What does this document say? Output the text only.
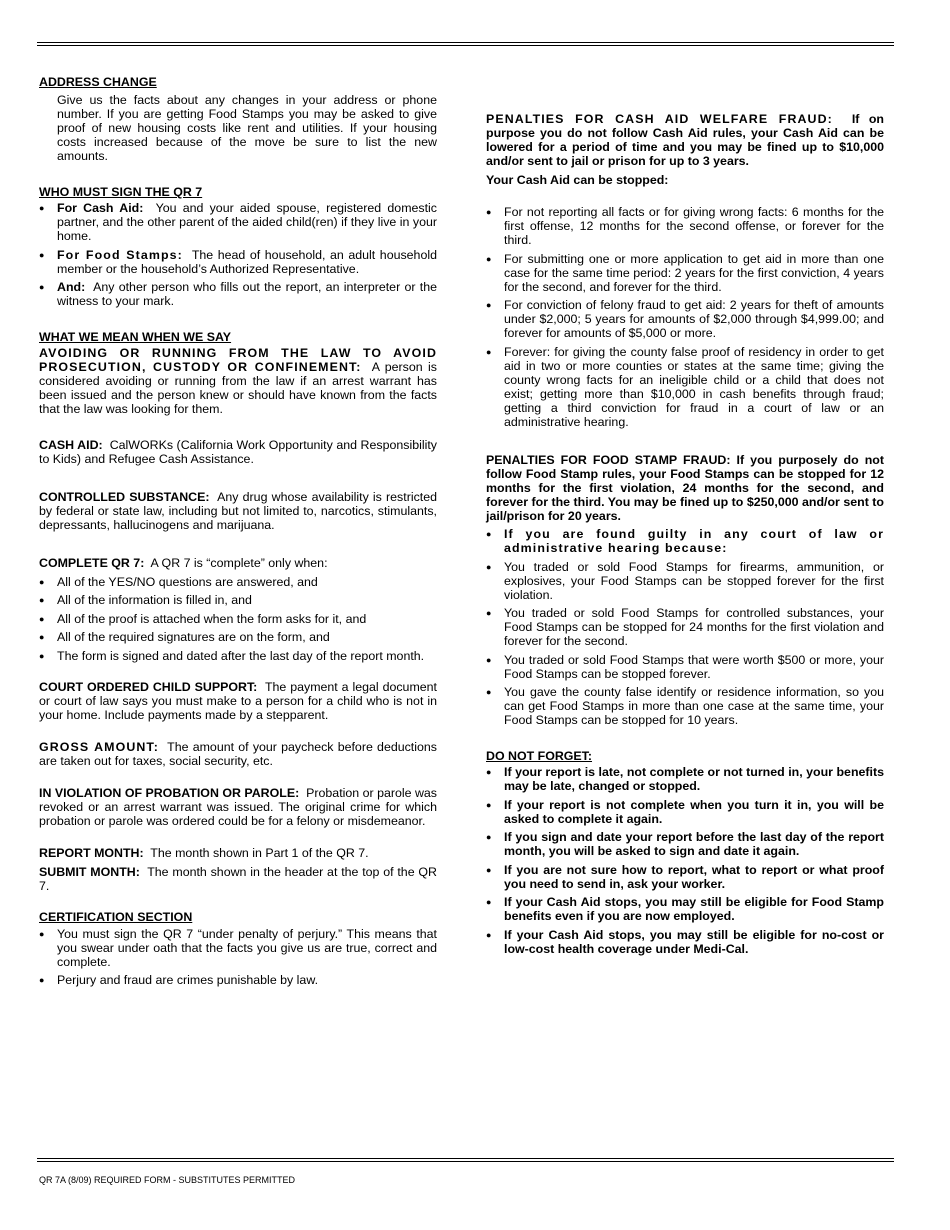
ADDRESS CHANGE

Give us the facts about any changes in your address or phone number. If you are getting Food Stamps you may be asked to give proof of new housing costs like rent and utilities. If your housing costs increased because of the move be sure to list the new amounts.

WHO MUST SIGN THE QR 7

● For Cash Aid: You and your aided spouse, registered domestic partner, and the other parent of the aided child(ren) if they live in your home.
● For Food Stamps: The head of household, an adult household member or the household’s Authorized Representative.
● And: Any other person who fills out the report, an interpreter or the witness to your mark.

WHAT WE MEAN WHEN WE SAY

AVOIDING OR RUNNING FROM THE LAW TO AVOID PROSECUTION, CUSTODY OR CONFINEMENT: A person is considered avoiding or running from the law if an arrest warrant has been issued and the person knew or should have known from the facts that the law was looking for them.

CASH AID: CalWORKs (California Work Opportunity and Responsibility to Kids) and Refugee Cash Assistance.

CONTROLLED SUBSTANCE: Any drug whose availability is restricted by federal or state law, including but not limited to, narcotics, stimulants, depressants, hallucinogens and marijuana.

COMPLETE QR 7: A QR 7 is “complete” only when:

● All of the YES/NO questions are answered, and
● All of the information is filled in, and
● All of the proof is attached when the form asks for it, and
● All of the required signatures are on the form, and
● The form is signed and dated after the last day of the report month.

COURT ORDERED CHILD SUPPORT: The payment a legal document or court of law says you must make to a person for a child who is not in your home. Include payments made by a stepparent.

GROSS AMOUNT: The amount of your paycheck before deductions are taken out for taxes, social security, etc.

IN VIOLATION OF PROBATION OR PAROLE: Probation or parole was revoked or an arrest warrant was issued. The original crime for which probation or parole was ordered could be for a felony or misdemeanor.

REPORT MONTH: The month shown in Part 1 of the QR 7.

SUBMIT MONTH: The month shown in the header at the top of the QR 7.

CERTIFICATION SECTION

● You must sign the QR 7 “under penalty of perjury.” This means that you swear under oath that the facts you give us are true, correct and complete.
● Perjury and fraud are crimes punishable by law.

PENALTIES FOR CASH AID WELFARE FRAUD: If on purpose you do not follow Cash Aid rules, your Cash Aid can be lowered for a period of time and you may be fined up to $10,000 and/or sent to jail or prison for up to 3 years.

Your Cash Aid can be stopped:

● For not reporting all facts or for giving wrong facts: 6 months for the first offense, 12 months for the second offense, or forever for the third.
● For submitting one or more application to get aid in more than one case for the same time period: 2 years for the first conviction, 4 years for the second, and forever for the third.
● For conviction of felony fraud to get aid: 2 years for theft of amounts under $2,000; 5 years for amounts of $2,000 through $4,999.00; and forever for amounts of $5,000 or more.
● Forever: for giving the county false proof of residency in order to get aid in two or more counties or states at the same time; giving the county wrong facts for an ineligible child or a child that does not exist; getting more than $10,000 in cash benefits through fraud; getting a third conviction for fraud in a court of law or an administrative hearing.

PENALTIES FOR FOOD STAMP FRAUD: If you purposely do not follow Food Stamp rules, your Food Stamps can be stopped for 12 months for the first violation, 24 months for the second, and forever for the third. You may be fined up to $250,000 and/or sent to jail/prison for 20 years.

● If you are found guilty in any court of law or administrative hearing because:
● You traded or sold Food Stamps for firearms, ammunition, or explosives, your Food Stamps can be stopped forever for the first violation.
● You traded or sold Food Stamps for controlled substances, your Food Stamps can be stopped for 24 months for the first violation and forever for the second.
● You traded or sold Food Stamps that were worth $500 or more, your Food Stamps can be stopped forever.
● You gave the county false identify or residence information, so you can get Food Stamps in more than one case at the same time, your Food Stamps can be stopped for 10 years.

DO NOT FORGET:

● If your report is late, not complete or not turned in, your benefits may be late, changed or stopped.
● If your report is not complete when you turn it in, you will be asked to complete it again.
● If you sign and date your report before the last day of the report month, you will be asked to sign and date it again.
● If you are not sure how to report, what to report or what proof you need to send in, ask your worker.
● If your Cash Aid stops, you may still be eligible for Food Stamp benefits even if you are now employed.
● If your Cash Aid stops, you may still be eligible for no-cost or low-cost health coverage under Medi-Cal.
QR 7A (8/09) REQUIRED FORM - SUBSTITUTES PERMITTED
